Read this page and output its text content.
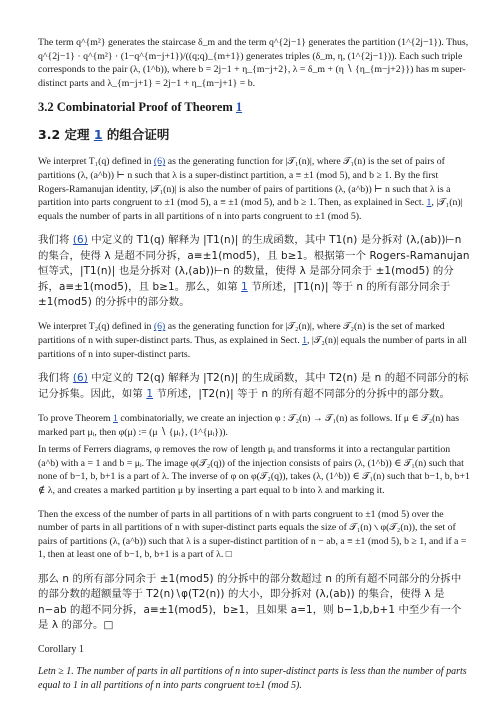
The term q^{m²} generates the staircase δ_m and the term q^{2j−1} generates the partition (1^{2j−1}). Thus, q^{2j−1} · q^{m²} · (1−q^{m−j+1})/((q;q)_{m+1}) generates triples (δ_m, η, (1^{2j−1})). Each such triple corresponds to the pair (λ, (1^b)), where b = 2j−1 + η_{m−j+2}, λ = δ_m + (η ∖ {η_{m−j+2}}) has m super-distinct parts and λ_{m−j+1} = 2j−1 + η_{m−j+1} = b.

3.2 Combinatorial Proof of Theorem 1
3.2 定理 1 的组合证明

We interpret T₁(q) defined in (6) as the generating function for |𝒯₁(n)|, where 𝒯₁(n) is the set of pairs of partitions (λ, (a^b)) ⊢ n such that λ is a super-distinct partition, a ≡ ±1 (mod 5), and b ≥ 1. By the first Rogers-Ramanujan identity, |𝒯₁(n)| is also the number of pairs of partitions (λ, (a^b)) ⊢ n such that λ is a partition into parts congruent to ±1 (mod 5), a ≡ ±1 (mod 5), and b ≥ 1. Then, as explained in Sect. 1, |𝒯₁(n)| equals the number of parts in all partitions of n into parts congruent to ±1 (mod 5).

我们将 (6) 中定义的 T1(q) 解释为 |T1(n)| 的生成函数，其中 T1(n) 是分拆对 (λ,(ab))⊢n 的集合，使得 λ 是超不同分拆，a≡±1(mod5)，且 b≥1。根据第一个 Rogers-Ramanujan 恒等式，|T1(n)| 也是分拆对 (λ,(ab))⊢n 的数量，使得 λ 是部分同余于 ±1(mod5) 的分拆，a≡±1(mod5)，且 b≥1。那么，如第 1 节所述，|T1(n)| 等于 n 的所有部分同余于 ±1(mod5) 的分拆中的部分数。

We interpret T₂(q) defined in (6) as the generating function for |𝒯₂(n)|, where 𝒯₂(n) is the set of marked partitions of n with super-distinct parts. Thus, as explained in Sect. 1, |𝒯₂(n)| equals the number of parts in all partitions of n into super-distinct parts.

我们将 (6) 中定义的 T2(q) 解释为 |T2(n)| 的生成函数，其中 T2(n) 是 n 的超不同部分的标记分拆集。因此，如第 1 节所述，|T2(n)| 等于 n 的所有超不同部分的分拆中的部分数。

To prove Theorem 1 combinatorially, we create an injection φ : 𝒯₂(n) → 𝒯₁(n) as follows. If μ ∈ 𝒯₂(n) has marked part μᵢ, then φ(μ) := (μ ∖ {μᵢ}, (1^{μᵢ})).

In terms of Ferrers diagrams, φ removes the row of length μᵢ and transforms it into a rectangular partition (a^b) with a = 1 and b = μᵢ. The image φ(𝒯₂(q)) of the injection consists of pairs (λ, (1^b)) ∈ 𝒯₁(n) such that none of b−1, b, b+1 is a part of λ. The inverse of φ on φ(𝒯₂(q)), takes (λ, (1^b)) ∈ 𝒯₁(n) such that b−1, b, b+1 ∉ λ, and creates a marked partition μ by inserting a part equal to b into λ and marking it.

Then the excess of the number of parts in all partitions of n with parts congruent to ±1 (mod 5) over the number of parts in all partitions of n with super-distinct parts equals the size of 𝒯₁(n) ∖ φ(𝒯₂(n)), the set of pairs of partitions (λ, (a^b)) such that λ is a super-distinct partition of n − ab, a ≡ ±1 (mod 5), b ≥ 1, and if a = 1, then at least one of b−1, b, b+1 is a part of λ. □

那么 n 的所有部分同余于 ±1(mod5) 的分拆中的部分数超过 n 的所有超不同部分的分拆中的部分数的超额量等于 T2(n)∖φ(T2(n)) 的大小，即分拆对 (λ,(ab)) 的集合，使得 λ 是 n−ab 的超不同分拆，a≡±1(mod5)，b≥1，且如果 a=1，则 b−1,b,b+1 中至少有一个是 λ 的部分。□

Corollary 1

Letn ≥ 1. The number of parts in all partitions of n into super-distinct parts is less than the number of parts equal to 1 in all partitions of n into parts congruent to±1 (mod 5).
